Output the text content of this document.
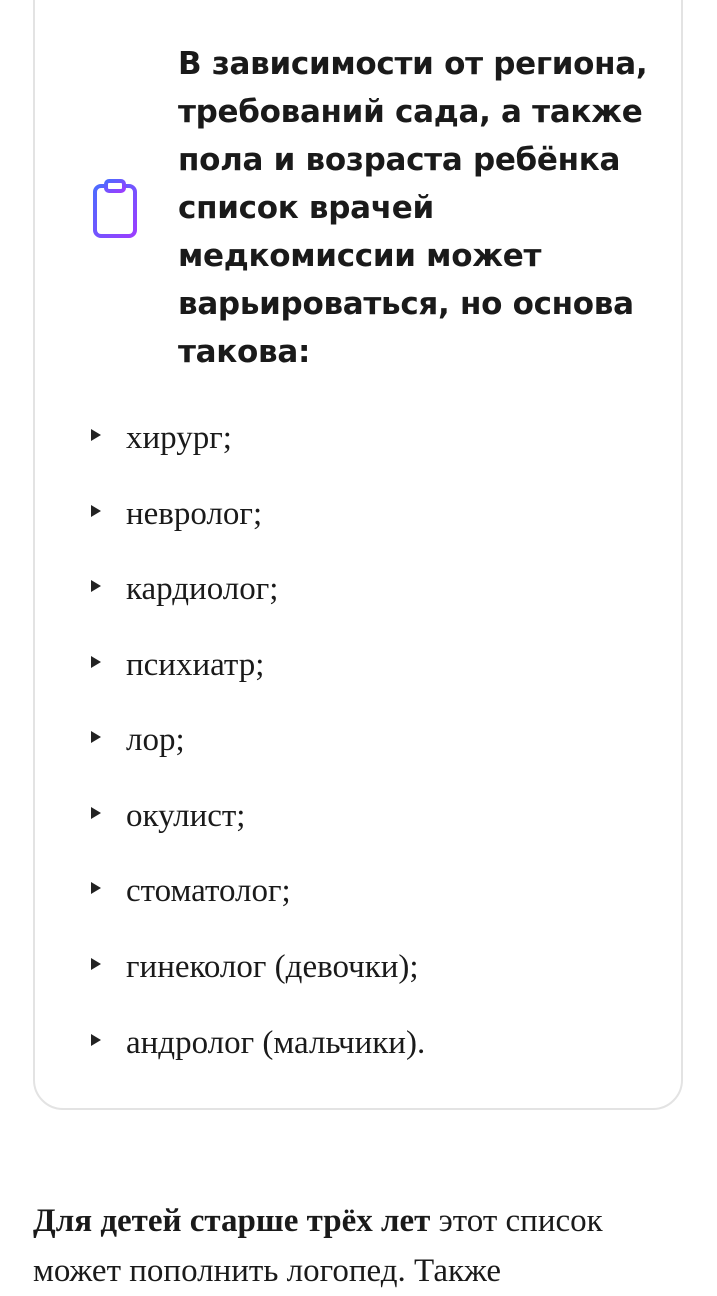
В зависимости от региона, требований сада, а также пола и возраста ребёнка список врачей медкомиссии может варьироваться, но основа такова:
хирург;
невролог;
кардиолог;
психиатр;
лор;
окулист;
стоматолог;
гинеколог (девочки);
андролог (мальчики).

Для детей старше трёх лет этот список может пополнить логопед. Также
